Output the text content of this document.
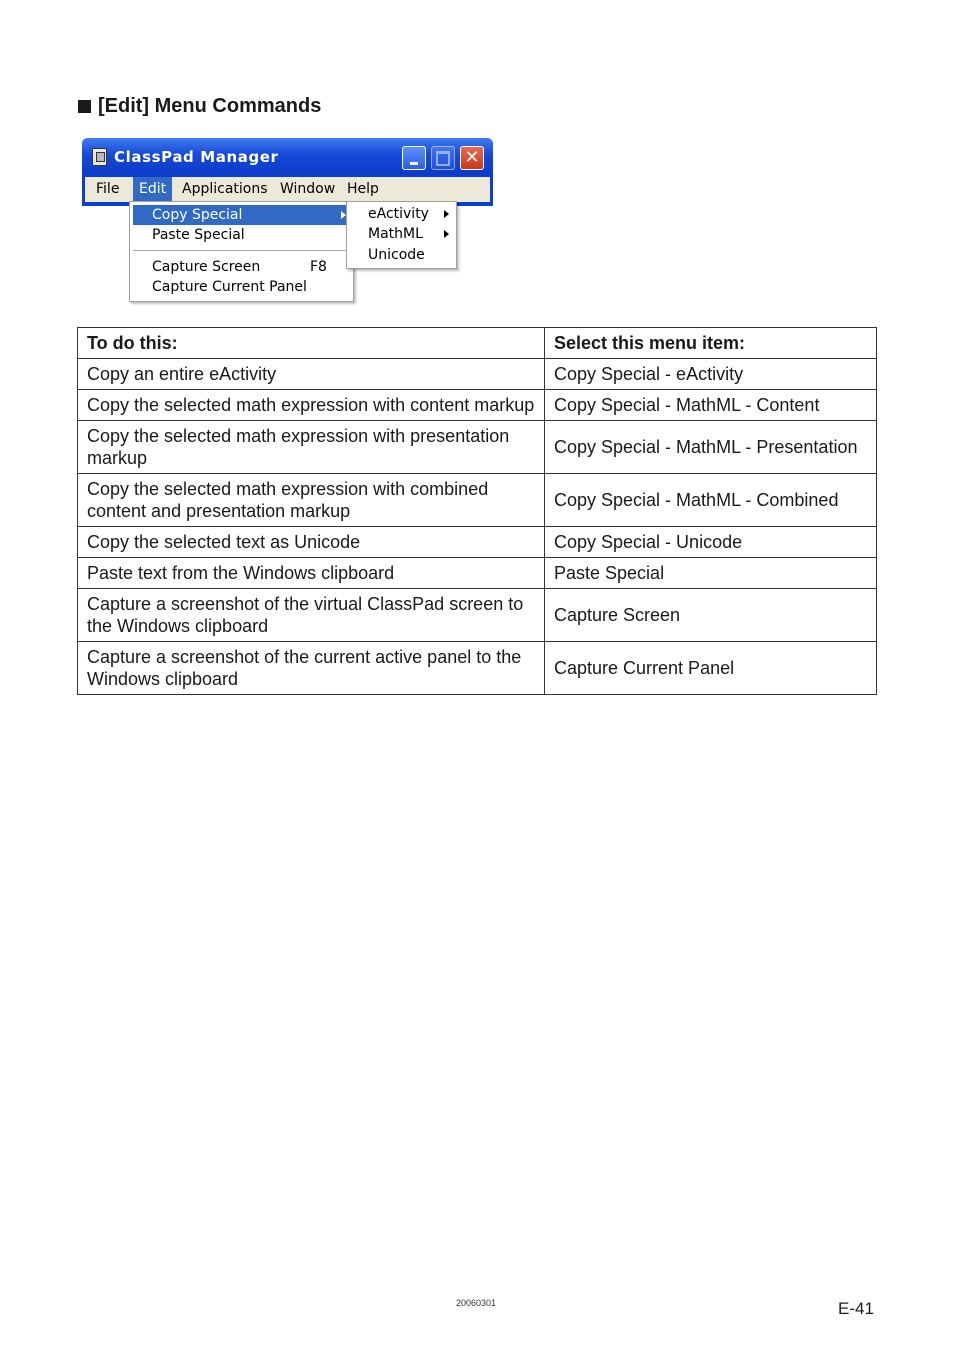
[Edit] Menu Commands
ClassPad Manager	✕
File	Edit	Applications Window Help
Copy Special
Paste Special
Capture Screen	F8
Capture Current Panel
eActivity
MathML
Unicode
To do this:	Select this menu item:
Copy an entire eActivity	Copy Special - eActivity
Copy the selected math expression with content markup	Copy Special - MathML - Content
Copy the selected math expression with presentation markup	Copy Special - MathML - Presentation
Copy the selected math expression with combined content and presentation markup	Copy Special - MathML - Combined
Copy the selected text as Unicode	Copy Special - Unicode
Paste text from the Windows clipboard	Paste Special
Capture a screenshot of the virtual ClassPad screen to the Windows clipboard	Capture Screen
Capture a screenshot of the current active panel to the Windows clipboard	Capture Current Panel
20060301	E-41
